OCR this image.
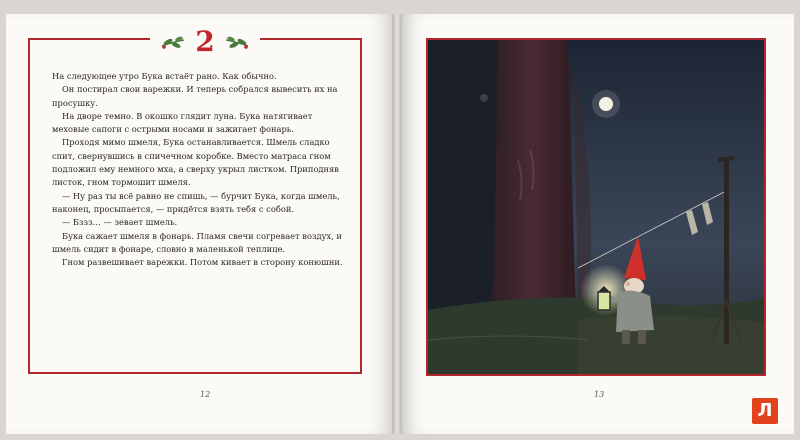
2

На следующее утро Бука встаёт рано. Как обычно.

Он постирал свои варежки. И теперь собрался вывесить их на просушку.

На дворе темно. В окошко глядит луна. Бука натягивает меховые сапоги с острыми носами и зажигает фонарь.

Проходя мимо шмеля, Бука останавливается. Шмель сладко спит, свернувшись в спичечном коробке. Вместо матраса гном подложил ему немного мха, а сверху укрыл листком. Приподняв листок, гном тормошит шмеля.

— Ну раз ты всё равно не спишь, — бурчит Бука, когда шмель, наконец, просыпается, — придётся взять тебя с собой.

— Бззз… — зевает шмель.

Бука сажает шмеля в фонарь. Пламя свечи согревает воздух, и шмель сидит в фонаре, словно в маленькой теплице.

Гном развешивает варежки. Потом кивает в сторону конюшни.

12	13
Л
